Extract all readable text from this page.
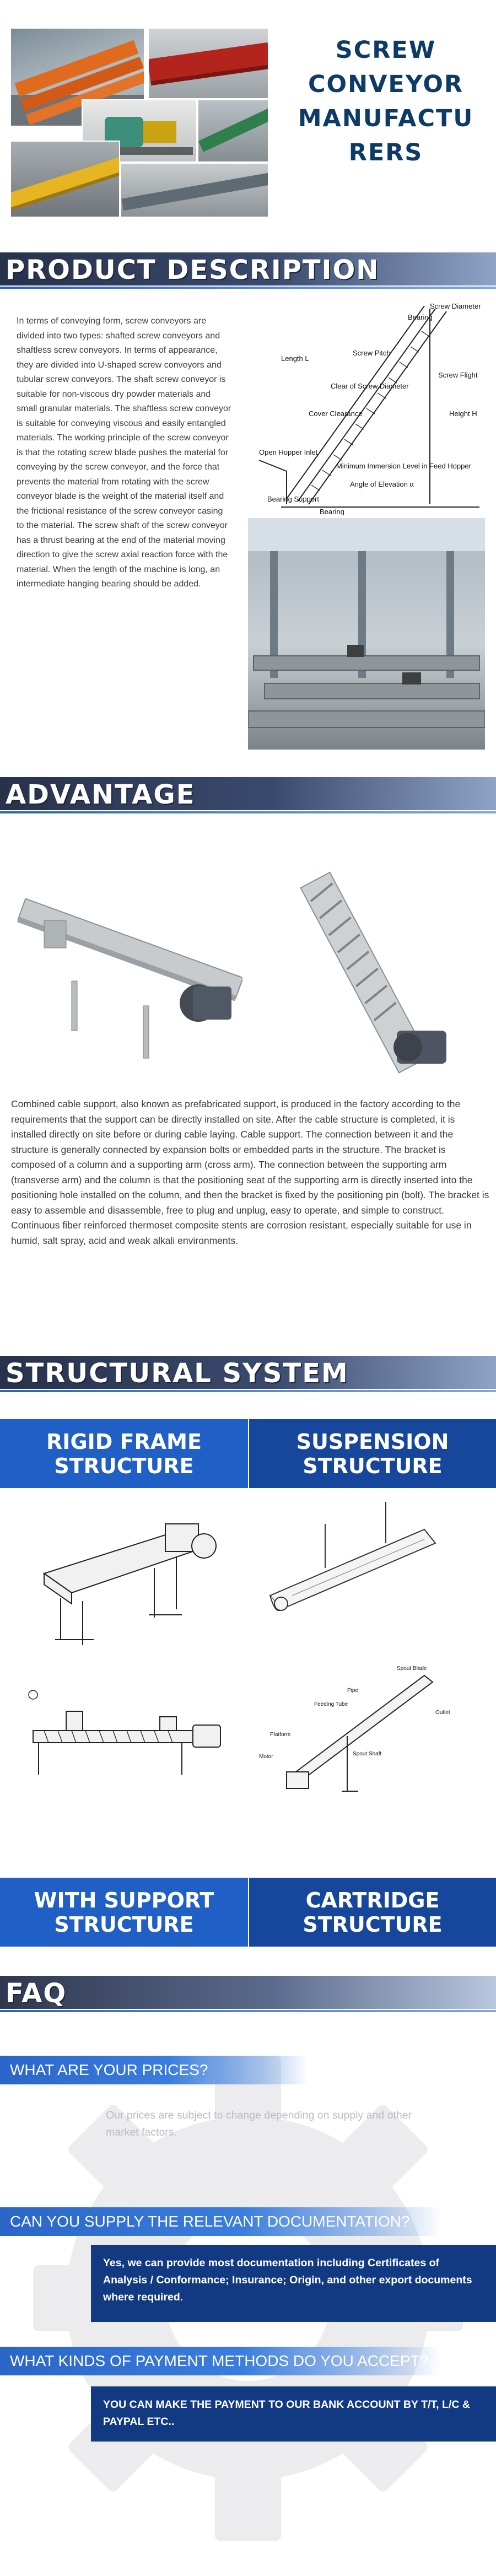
SCREW
CONVEYOR
MANUFACTU
RERS
PRODUCT DESCRIPTION

In terms of conveying form, screw conveyors are divided into two types: shafted screw conveyors and shaftless screw conveyors. In terms of appearance, they are divided into U-shaped screw conveyors and tubular screw conveyors. The shaft screw conveyor is suitable for non-viscous dry powder materials and small granular materials. The shaftless screw conveyor is suitable for conveying viscous and easily entangled materials. The working principle of the screw conveyor is that the rotating screw blade pushes the material for conveying by the screw conveyor, and the force that prevents the material from rotating with the screw conveyor blade is the weight of the material itself and the frictional resistance of the screw conveyor casing to the material. The screw shaft of the screw conveyor has a thrust bearing at the end of the material moving direction to give the screw axial reaction force with the material. When the length of the machine is long, an intermediate hanging bearing should be added.

Screw Diameter
Bearing
Length L
Screw Pitch
Clear of Screw Diameter
Cover Clearance
Screw Flight
Height H
Open Hopper Inlet
Minimum Immersion Level in Feed Hopper
Angle of Elevation α
Bearing Support
Bearing
ADVANTAGE

Combined cable support, also known as prefabricated support, is produced in the factory according to the requirements that the support can be directly installed on site. After the cable structure is completed, it is installed directly on site before or during cable laying. Cable support. The connection between it and the structure is generally connected by expansion bolts or embedded parts in the structure. The bracket is composed of a column and a supporting arm (cross arm). The connection between the supporting arm (transverse arm) and the column is that the positioning seat of the supporting arm is directly inserted into the positioning hole installed on the column, and then the bracket is fixed by the positioning pin (bolt). The bracket is easy to assemble and disassemble, free to plug and unplug, easy to operate, and simple to construct. Continuous fiber reinforced thermoset composite stents are corrosion resistant, especially suitable for use in humid, salt spray, acid and weak alkali environments.

STRUCTURAL SYSTEM
RIGID FRAME
STRUCTURE
SUSPENSION
STRUCTURE
Spout Blade
Pipe
Feeding Tube
Outlet
Platform
Motor	Spout Shaft
WITH SUPPORT
STRUCTURE
CARTRIDGE
STRUCTURE
FAQ
WHAT ARE YOUR PRICES?
Our prices are subject to change depending on supply and other market factors.
CAN YOU SUPPLY THE RELEVANT DOCUMENTATION?
Yes, we can provide most documentation including Certificates of Analysis / Conformance; Insurance; Origin, and other export documents where required.
WHAT KINDS OF PAYMENT METHODS DO YOU ACCEPT?
YOU CAN MAKE THE PAYMENT TO OUR BANK ACCOUNT BY T/T, L/C & PAYPAL ETC..
